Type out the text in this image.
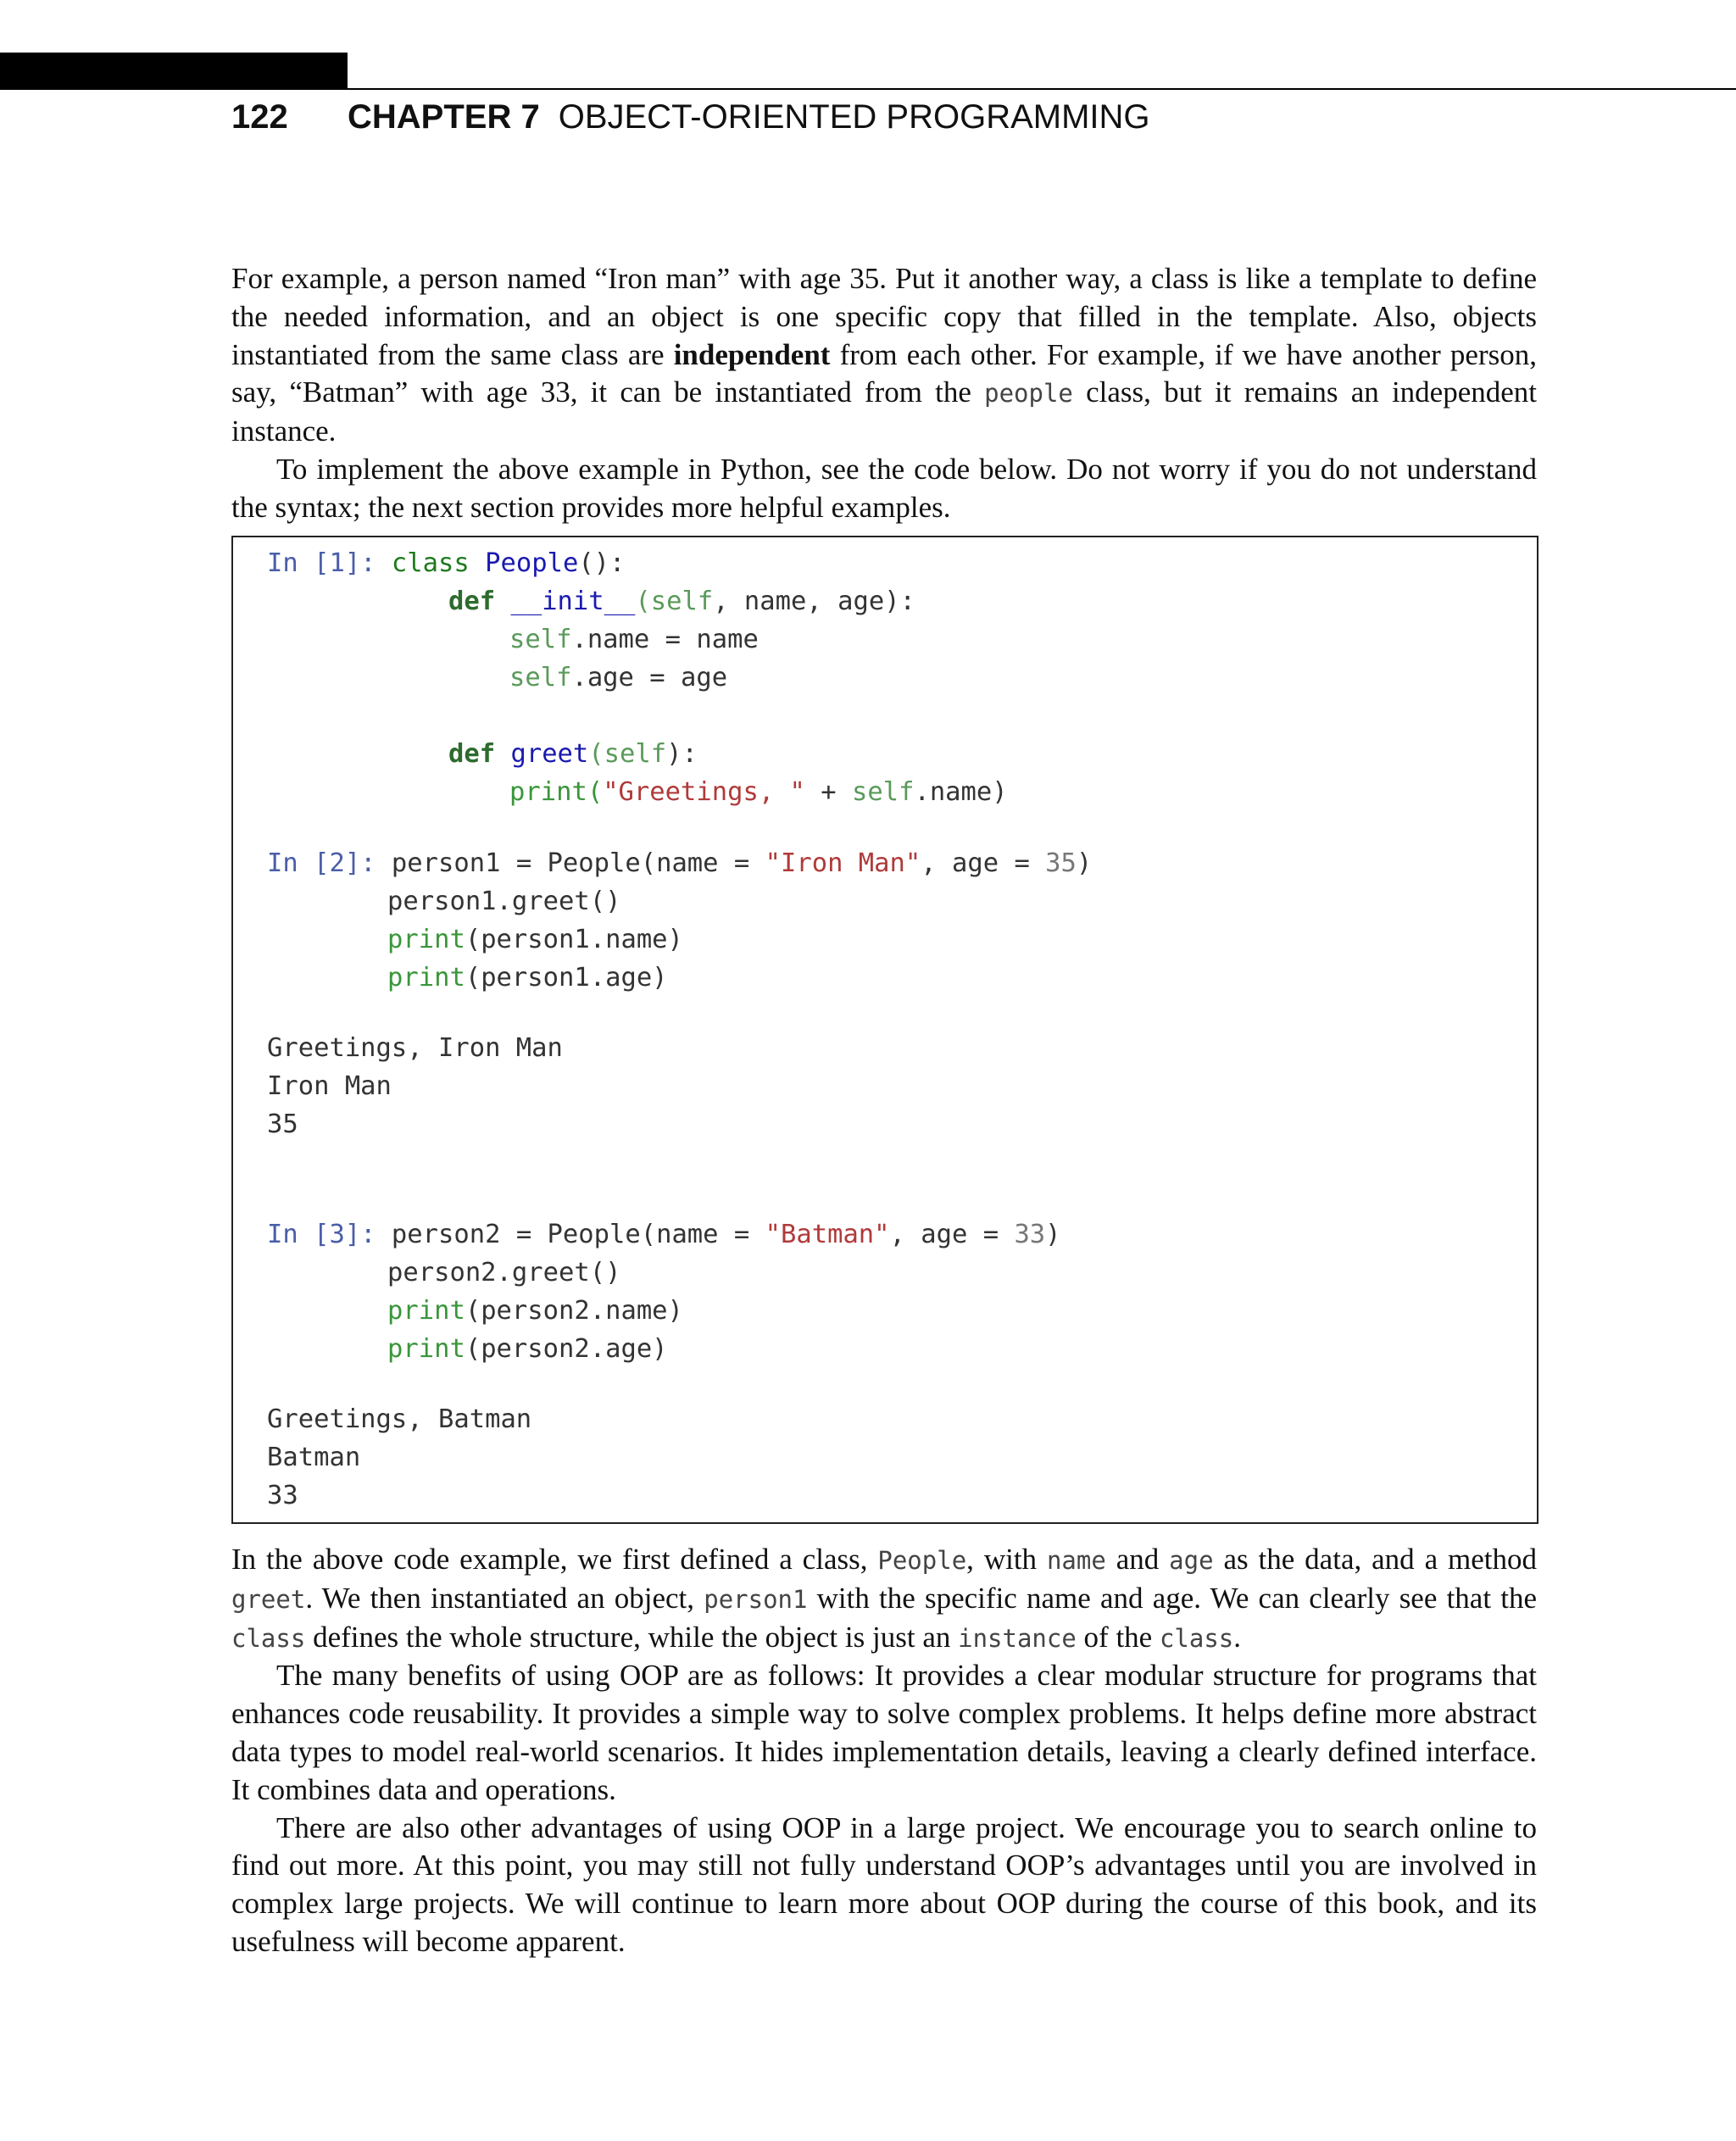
122	CHAPTER 7 OBJECT-ORIENTED PROGRAMMING

For example, a person named “Iron man” with age 35. Put it another way, a class is like a template to define the needed information, and an object is one specific copy that filled in the template. Also, objects instantiated from the same class are independent from each other. For example, if we have another person, say, “Batman” with age 33, it can be instantiated from the people class, but it remains an independent instance.

To implement the above example in Python, see the code below. Do not worry if you do not understand the syntax; the next section provides more helpful examples.

In [1]: class People():
def __init__(self, name, age):
self.name = name
self.age = age
def greet(self):
print("Greetings, " + self.name)
In [2]: person1 = People(name = "Iron Man", age = 35)
person1.greet()
print(person1.name)
print(person1.age)
Greetings, Iron Man
Iron Man
35
In [3]: person2 = People(name = "Batman", age = 33)
person2.greet()
print(person2.name)
print(person2.age)
Greetings, Batman
Batman
33

In the above code example, we first defined a class, People, with name and age as the data, and a method greet. We then instantiated an object, person1 with the specific name and age. We can clearly see that the class defines the whole structure, while the object is just an instance of the class.

The many benefits of using OOP are as follows: It provides a clear modular structure for programs that enhances code reusability. It provides a simple way to solve complex problems. It helps define more abstract data types to model real-world scenarios. It hides implementation details, leaving a clearly defined interface. It combines data and operations.

There are also other advantages of using OOP in a large project. We encourage you to search online to find out more. At this point, you may still not fully understand OOP’s advantages until you are involved in complex large projects. We will continue to learn more about OOP during the course of this book, and its usefulness will become apparent.
